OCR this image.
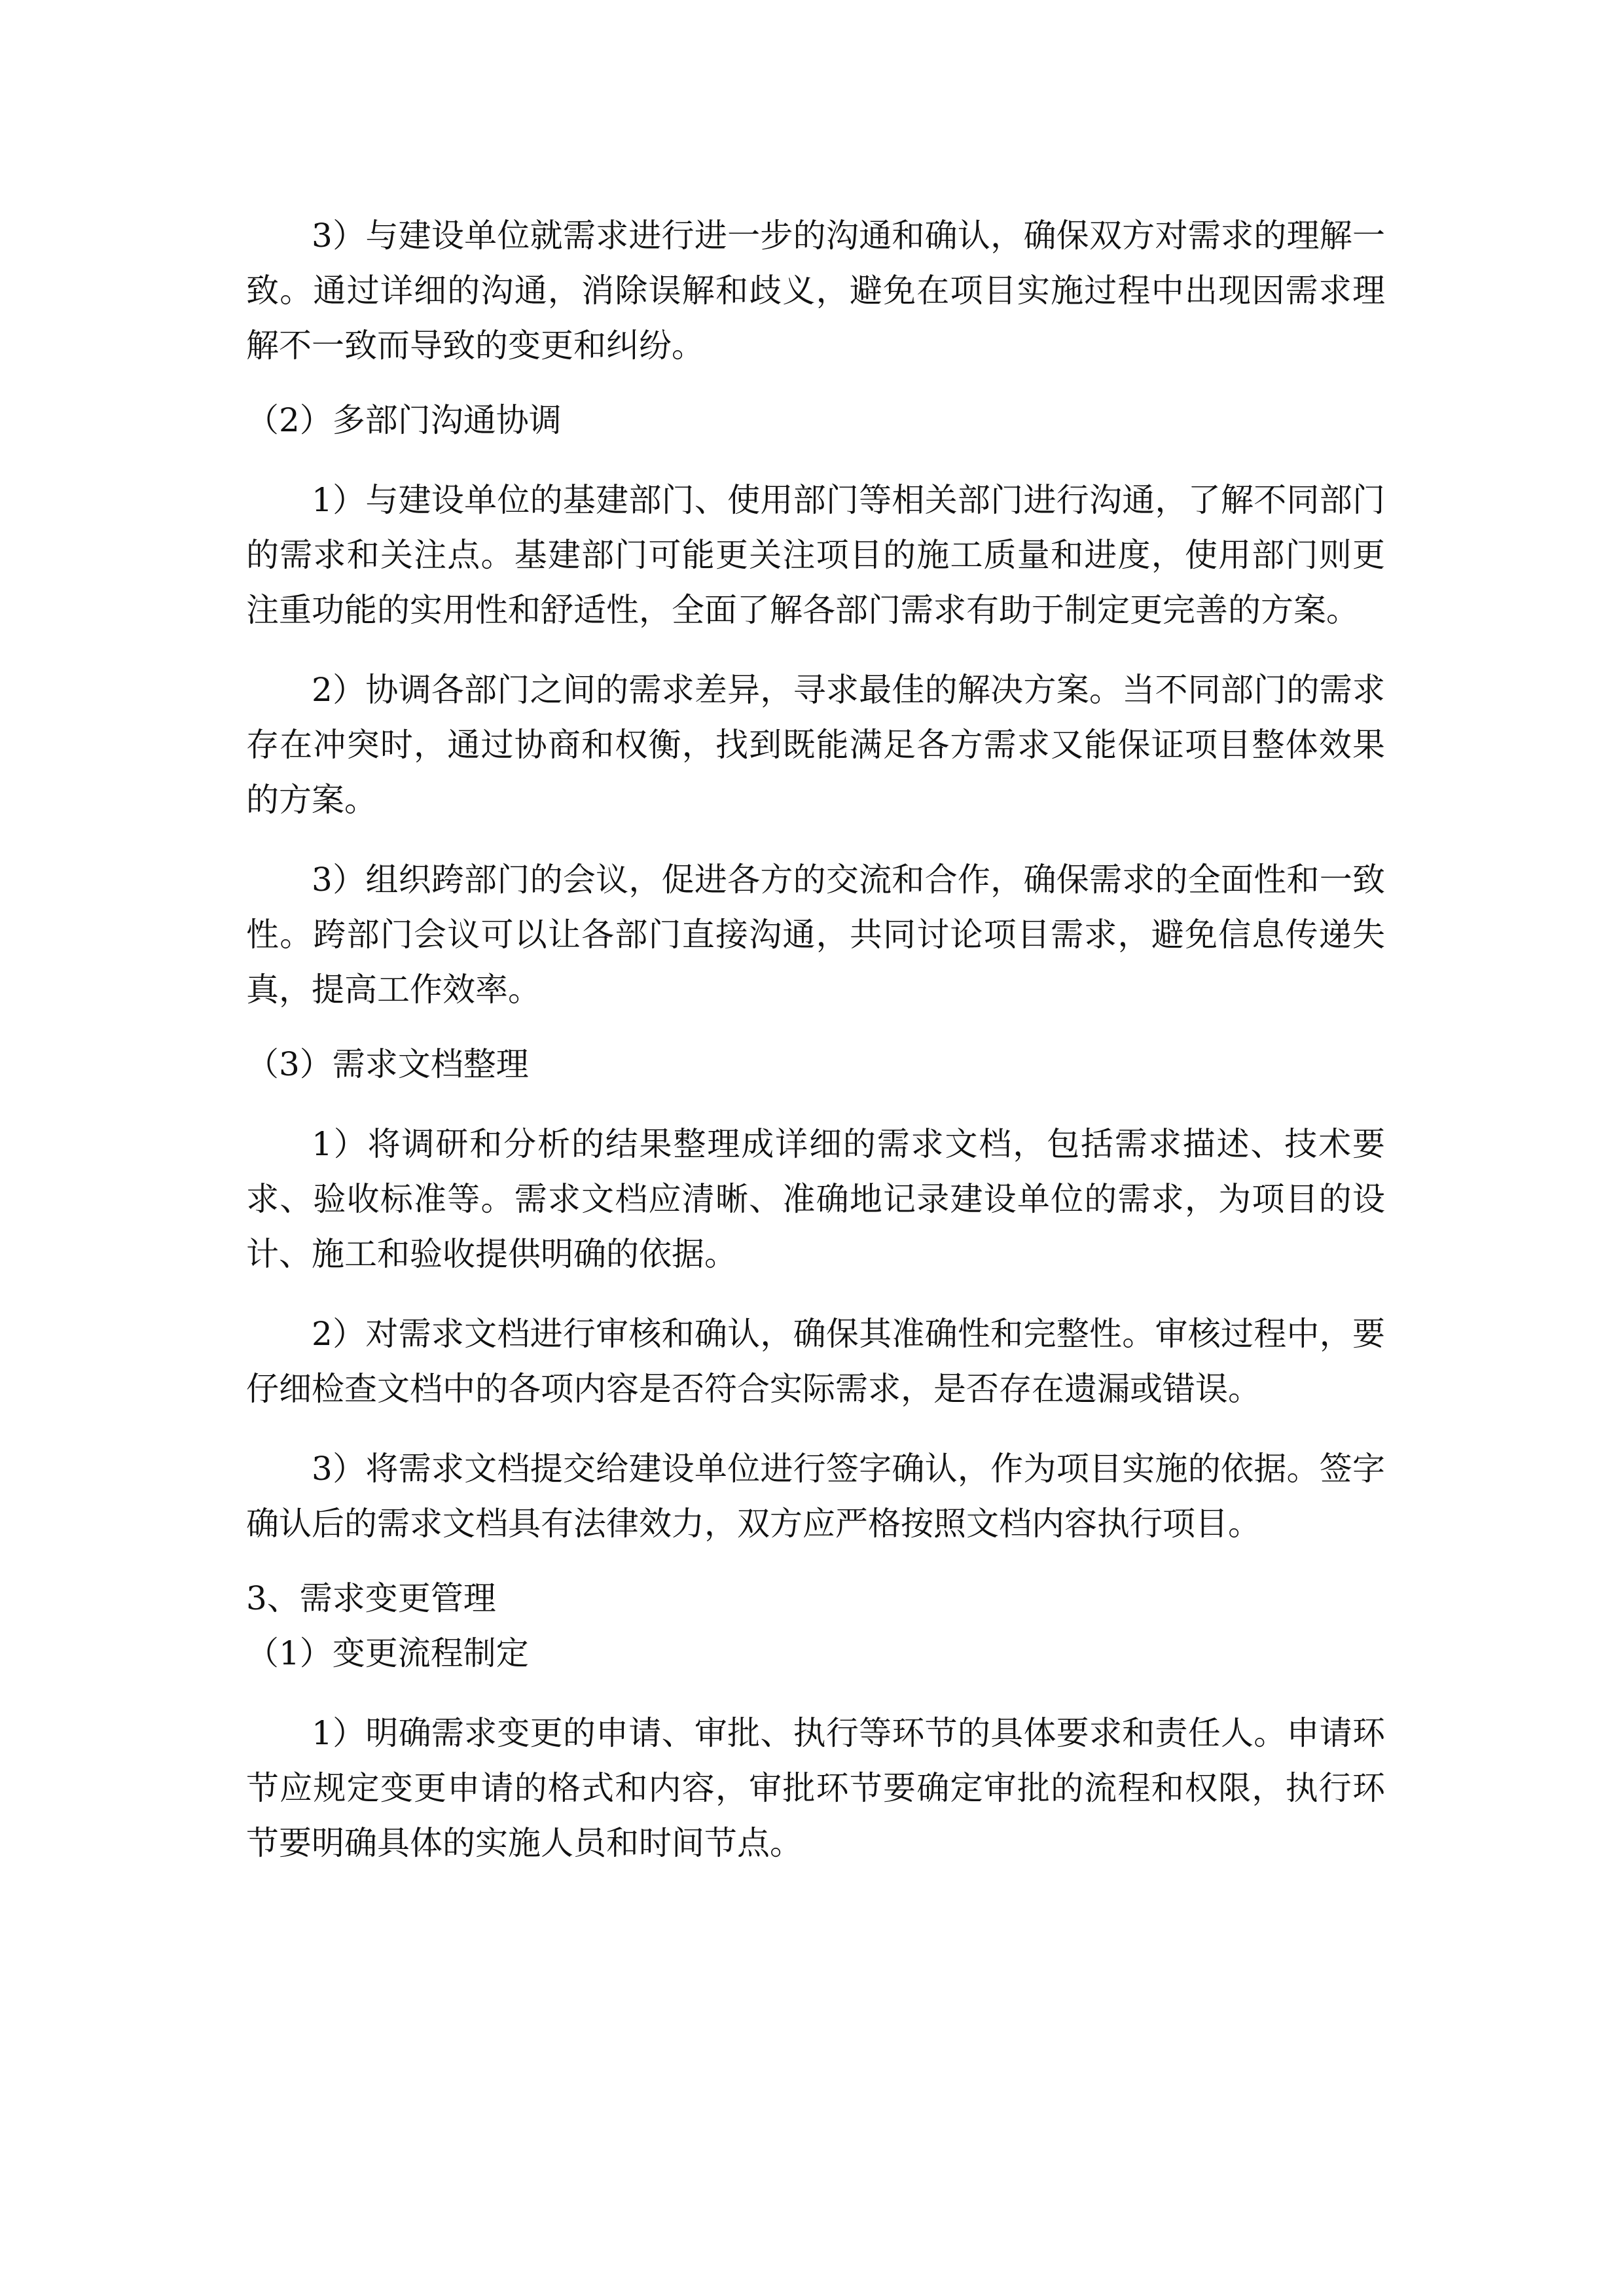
3）与建设单位就需求进行进一步的沟通和确认，确保双方对需求的理解一致。通过详细的沟通，消除误解和歧义，避免在项目实施过程中出现因需求理解不一致而导致的变更和纠纷。

（2）多部门沟通协调

1）与建设单位的基建部门、使用部门等相关部门进行沟通，了解不同部门的需求和关注点。基建部门可能更关注项目的施工质量和进度，使用部门则更注重功能的实用性和舒适性，全面了解各部门需求有助于制定更完善的方案。

2）协调各部门之间的需求差异，寻求最佳的解决方案。当不同部门的需求存在冲突时，通过协商和权衡，找到既能满足各方需求又能保证项目整体效果的方案。

3）组织跨部门的会议，促进各方的交流和合作，确保需求的全面性和一致性。跨部门会议可以让各部门直接沟通，共同讨论项目需求，避免信息传递失真，提高工作效率。

（3）需求文档整理

1）将调研和分析的结果整理成详细的需求文档，包括需求描述、技术要求、验收标准等。需求文档应清晰、准确地记录建设单位的需求，为项目的设计、施工和验收提供明确的依据。

2）对需求文档进行审核和确认，确保其准确性和完整性。审核过程中，要仔细检查文档中的各项内容是否符合实际需求，是否存在遗漏或错误。

3）将需求文档提交给建设单位进行签字确认，作为项目实施的依据。签字确认后的需求文档具有法律效力，双方应严格按照文档内容执行项目。

3、需求变更管理

（1）变更流程制定

1）明确需求变更的申请、审批、执行等环节的具体要求和责任人。申请环节应规定变更申请的格式和内容，审批环节要确定审批的流程和权限，执行环节要明确具体的实施人员和时间节点。
